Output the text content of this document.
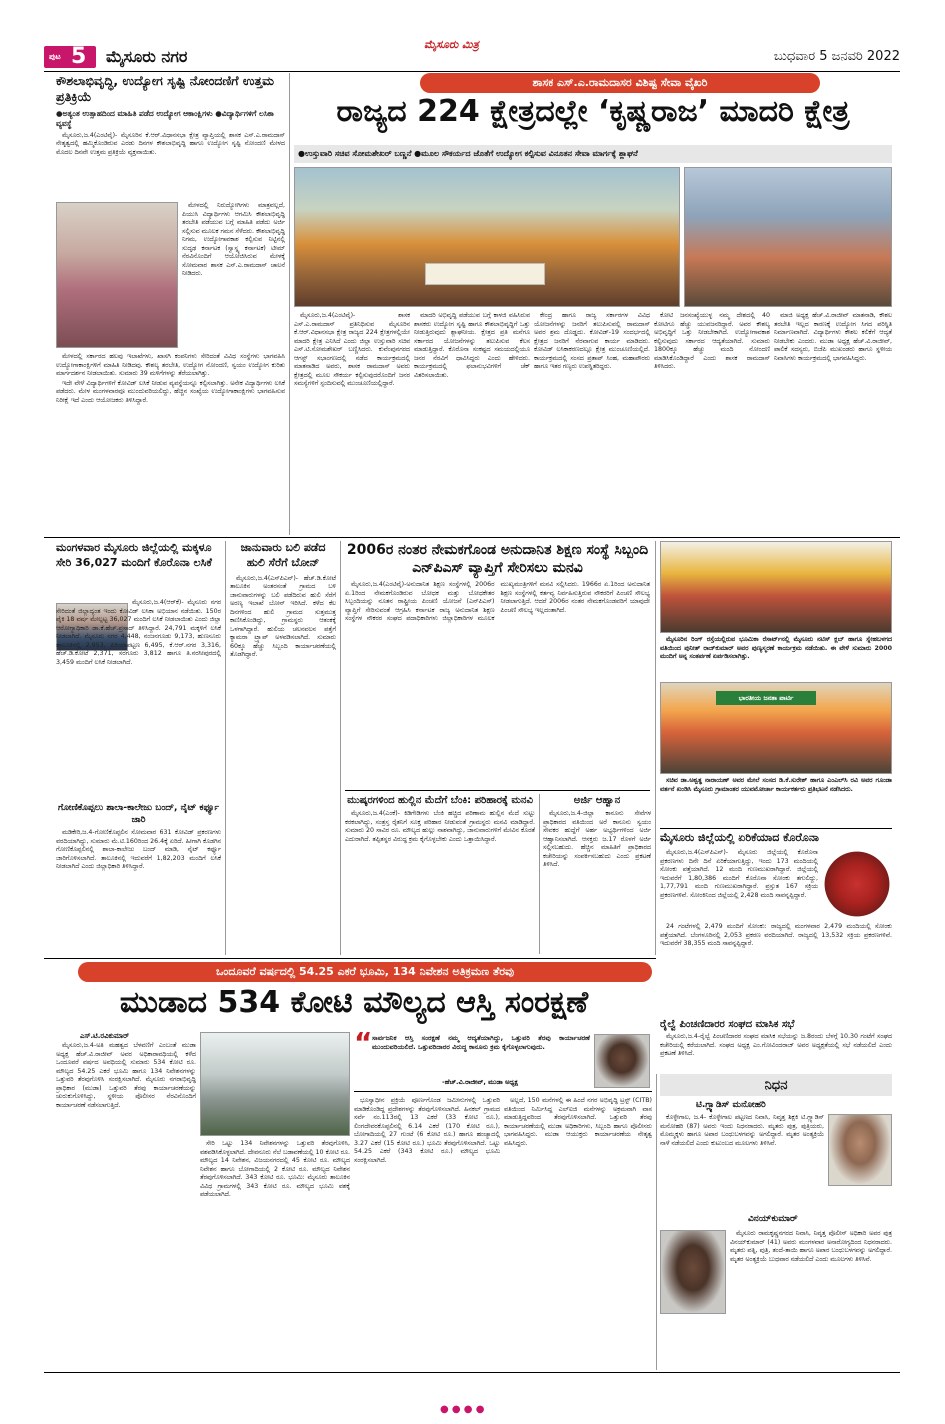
ಪುಟ 5 ಮೈಸೂರು ನಗರ
ಮೈಸೂರು ಮಿತ್ರ
ಬುಧವಾರ 5 ಜನವರಿ 2022
ಕೌಶಲಾಭಿವೃದ್ಧಿ, ಉದ್ಯೋಗ ಸೃಷ್ಟಿ ನೋಂದಣಿಗೆ ಉತ್ತಮ ಪ್ರತಿಕ್ರಿಯೆ
●ಅತ್ಯಂತ ಉತ್ಸಾಹದಿಂದ ಮಾಹಿತಿ ಪಡೆದ ಉದ್ಯೋಗ ಆಕಾಂಕ್ಷಿಗಳು ●ವಿದ್ಯಾರ್ಥಿಗಳಿಗೆ ಲಸಿಕಾ ವ್ಯವಸ್ಥೆ

ಮೈಸೂರು,ಜ.4(ಎಂಟಿವೈ)- ಮೈಸೂರಿನ ಕೆ.ಆರ್.ವಿಧಾನಸಭಾ ಕ್ಷೇತ್ರ ವ್ಯಾಪ್ತಿಯಲ್ಲಿ ಶಾಸಕ ಎಸ್.ಎ.ರಾಮದಾಸ್ ನೇತೃತ್ವದಲ್ಲಿ ಹಮ್ಮಿಕೊಂಡಿರುವ ಎರಡು ದಿನಗಳ ಕೌಶಲಾಭಿವೃದ್ಧಿ ಹಾಗೂ ಉದ್ಯೋಗ ಸೃಷ್ಟಿ ನೋಂದಣಿ ಮೇಳದ ಮೊದಲ ದಿನವೇ ಉತ್ತಮ ಪ್ರತಿಕ್ರಿಯೆ ವ್ಯಕ್ತವಾಯಿತು.

ಮೇಳದಲ್ಲಿ ನಿರುದ್ಯೋಗಿಗಳು ಮಾತ್ರವಲ್ಲದೆ, ಪಿಯುಸಿ ವಿದ್ಯಾರ್ಥಿಗಳು ಆಗಮಿಸಿ ಕೌಶಲಾಭಿವೃದ್ಧಿ ತರಬೇತಿ ಪಡೆಯುವ ಬಗ್ಗೆ ಮಾಹಿತಿ ಪಡೆದು ಅರ್ಜಿ ಸಲ್ಲಿಸುವ ಮೂಲಕ ಗಮನ ಸೆಳೆದರು. ಕೌಶಲಾಭಿವೃದ್ಧಿ ನಿಗಮ, ಉದ್ಯೋಗಾವಕಾಶ ಕಲ್ಪಿಸುವ ನಿಟ್ಟಿನಲ್ಲಿ ಸುದೃಢ ಕರ್ನಾಟಕ (ಸ್ವಾಸ್ಥ್ಯ ಕರ್ನಾಟಕ) ಟೀಮ್ ನೆರವಿನೊಂದಿಗೆ ಆಯೋಜಿಸಿರುವ ಮೇಳಕ್ಕೆ ಸೋಮವಾರ ಶಾಸಕ ಎಸ್.ಎ.ರಾಮದಾಸ್ ಚಾಲನೆ ನೀಡಿದರು.

ಮೇಳದಲ್ಲಿ ಸರ್ಕಾರದ ಹಲವು ಇಲಾಖೆಗಳು, ಖಾಸಗಿ ಕಂಪನಿಗಳು ಸೇರಿದಂತೆ ವಿವಿಧ ಸಂಸ್ಥೆಗಳು ಭಾಗವಹಿಸಿ ಉದ್ಯೋಗಾಕಾಂಕ್ಷಿಗಳಿಗೆ ಮಾಹಿತಿ ನೀಡಿದವು. ಕೌಶಲ್ಯ ತರಬೇತಿ, ಉದ್ಯೋಗ ನೋಂದಣಿ, ಸ್ವಯಂ ಉದ್ಯೋಗ ಕುರಿತು ಮಾರ್ಗದರ್ಶನ ನೀಡಲಾಯಿತು. ಸುಮಾರು 39 ಮಳಿಗೆಗಳನ್ನು ತೆರೆಯಲಾಗಿತ್ತು.

ಇದೇ ವೇಳೆ ವಿದ್ಯಾರ್ಥಿಗಳಿಗೆ ಕೋವಿಡ್ ಲಸಿಕೆ ನೀಡುವ ವ್ಯವಸ್ಥೆಯನ್ನೂ ಕಲ್ಪಿಸಲಾಗಿತ್ತು. ಅನೇಕ ವಿದ್ಯಾರ್ಥಿಗಳು ಲಸಿಕೆ ಪಡೆದರು. ಮೇಳ ಮಂಗಳವಾರವೂ ಮುಂದುವರಿಯಲಿದ್ದು, ಹೆಚ್ಚಿನ ಸಂಖ್ಯೆಯ ಉದ್ಯೋಗಾಕಾಂಕ್ಷಿಗಳು ಭಾಗವಹಿಸುವ ನಿರೀಕ್ಷೆ ಇದೆ ಎಂದು ಆಯೋಜಕರು ತಿಳಿಸಿದ್ದಾರೆ.

ಶಾಸಕ ಎಸ್.ಎ.ರಾಮದಾಸರ ವಿಶಿಷ್ಟ ಸೇವಾ ವೈಖರಿ
ರಾಜ್ಯದ 224 ಕ್ಷೇತ್ರದಲ್ಲೇ ‘ಕೃಷ್ಣರಾಜ’ ಮಾದರಿ ಕ್ಷೇತ್ರ
●ಉಸ್ತುವಾರಿ ಸಚಿವ ಸೋಮಶೇಖರ್ ಬಣ್ಣನೆ ●ಮೂಲ ಸೌಕರ್ಯದ ಜೊತೆಗೆ ಉದ್ಯೋಗ ಕಲ್ಪಿಸುವ ವಿನೂತನ ಸೇವಾ ಮಾರ್ಗಕ್ಕೆ ಶ್ಲಾಘನೆ

ಮೈಸೂರು,ಜ.4(ಎಂಟಿವೈ)- ಶಾಸಕ ಎಸ್.ಎ.ರಾಮದಾಸ್ ಪ್ರತಿನಿಧಿಸುವ ಮೈಸೂರಿನ ಕೆ.ಆರ್.ವಿಧಾನಸಭಾ ಕ್ಷೇತ್ರ ರಾಜ್ಯದ 224 ಕ್ಷೇತ್ರಗಳಲ್ಲಿಯೇ ಮಾದರಿ ಕ್ಷೇತ್ರ ಎನಿಸಿದೆ ಎಂದು ಜಿಲ್ಲಾ ಉಸ್ತುವಾರಿ ಸಚಿವ ಎಸ್.ಟಿ.ಸೋಮಶೇಖರ್ ಬಣ್ಣಿಸಿದರು. ಕುವೆಂಪುನಗರದ ಆಗಸ್ಟ್ ಸಭಾಂಗಣದಲ್ಲಿ ನಡೆದ ಕಾರ್ಯಕ್ರಮದಲ್ಲಿ ಮಾತನಾಡಿದ ಅವರು, ಶಾಸಕ ರಾಮದಾಸ್ ಅವರು ಕ್ಷೇತ್ರದಲ್ಲಿ ಮೂಲ ಸೌಕರ್ಯ ಕಲ್ಪಿಸುವುದರೊಂದಿಗೆ ಜನರ ಸಮಸ್ಯೆಗಳಿಗೆ ಸ್ಪಂದಿಸುವಲ್ಲಿ ಮುಂಚೂಣಿಯಲ್ಲಿದ್ದಾರೆ.

ಮಾದರಿ ಅಭಿವೃದ್ಧಿ ಪಡೆಯುವ ಬಗ್ಗೆ ಕಾಳಜಿ ವಹಿಸಿರುವ ಶಾಸಕರು ಉದ್ಯೋಗ ಸೃಷ್ಟಿ ಹಾಗೂ ಕೌಶಲಾಭಿವೃದ್ಧಿಗೆ ಒತ್ತು ನೀಡುತ್ತಿರುವುದು ಶ್ಲಾಘನೀಯ. ಕ್ಷೇತ್ರದ ಪ್ರತಿ ಮನೆಗೂ ಸರ್ಕಾರದ ಯೋಜನೆಗಳನ್ನು ತಲುಪಿಸುವ ಕೆಲಸ ಮಾಡುತ್ತಿದ್ದಾರೆ. ಕೊರೊನಾ ಸಂಕಷ್ಟದ ಸಮಯದಲ್ಲಿಯೂ ಜನರ ನೆರವಿಗೆ ಧಾವಿಸಿದ್ದರು ಎಂದು ಹೇಳಿದರು. ಕಾರ್ಯಕ್ರಮದಲ್ಲಿ ಫಲಾನುಭವಿಗಳಿಗೆ ಚೆಕ್ ವಿತರಿಸಲಾಯಿತು.

ಕೇಂದ್ರ ಹಾಗೂ ರಾಜ್ಯ ಸರ್ಕಾರಗಳ ವಿವಿಧ ಯೋಜನೆಗಳನ್ನು ಜನರಿಗೆ ತಲುಪಿಸುವಲ್ಲಿ ರಾಮದಾಸ್ ಅವರ ಶ್ರಮ ದೊಡ್ಡದು. ಕೋವಿಡ್-19 ಸಂದರ್ಭದಲ್ಲಿ ಕ್ಷೇತ್ರದ ಜನರಿಗೆ ನೆರವಾಗುವ ಕಾರ್ಯ ಮಾಡಿದರು. ಕೋವಿಡ್ ಲಸಿಕಾಕರಣದಲ್ಲೂ ಕ್ಷೇತ್ರ ಮುಂಚೂಣಿಯಲ್ಲಿದೆ. ಕಾರ್ಯಕ್ರಮದಲ್ಲಿ ಸಂಸದ ಪ್ರತಾಪ್ ಸಿಂಹ, ಮಹಾಪೌರರು ಹಾಗೂ ಇತರ ಗಣ್ಯರು ಉಪಸ್ಥಿತರಿದ್ದರು.

ಕೋಟಿ ಜನಸಂಖ್ಯೆಯುಳ್ಳ ನಮ್ಮ ದೇಶದಲ್ಲಿ 40 ಕೋಟಿಗೂ ಹೆಚ್ಚು ಯುವಜನರಿದ್ದಾರೆ. ಅವರ ಕೌಶಲ್ಯ ಅಭಿವೃದ್ಧಿಗೆ ಒತ್ತು ನೀಡಬೇಕಾಗಿದೆ. ಉದ್ಯೋಗಾವಕಾಶ ಕಲ್ಪಿಸುವುದು ಸರ್ಕಾರದ ಆದ್ಯತೆಯಾಗಿದೆ. ಸುಮಾರು 1800ಕ್ಕೂ ಹೆಚ್ಚು ಮಂದಿ ನೋಂದಣಿ ಮಾಡಿಸಿಕೊಂಡಿದ್ದಾರೆ ಎಂದು ಶಾಸಕ ರಾಮದಾಸ್ ತಿಳಿಸಿದರು.

ಮಾಜಿ ಅಧ್ಯಕ್ಷ ಹೆಚ್.ವಿ.ರಾಜೀವ್ ಮಾತನಾಡಿ, ಕೌಶಲ ತರಬೇತಿ ಇಲ್ಲದ ಕಾರಣಕ್ಕೆ ಉದ್ಯೋಗ ಸಿಗದ ಪರಿಸ್ಥಿತಿ ನಿರ್ಮಾಣವಾಗಿದೆ. ವಿದ್ಯಾರ್ಥಿಗಳು ಕೌಶಲ ಕಲಿಕೆಗೆ ಆದ್ಯತೆ ನೀಡಬೇಕು ಎಂದರು. ಮುಡಾ ಅಧ್ಯಕ್ಷ ಹೆಚ್.ವಿ.ರಾಜೀವ್, ಪಾಲಿಕೆ ಸದಸ್ಯರು, ಬಿಜೆಪಿ ಮುಖಂಡರು ಹಾಗೂ ಸ್ಥಳೀಯ ನಿವಾಸಿಗಳು ಕಾರ್ಯಕ್ರಮದಲ್ಲಿ ಭಾಗವಹಿಸಿದ್ದರು.

ಮಂಗಳವಾರ ಮೈಸೂರು ಜಿಲ್ಲೆಯಲ್ಲಿ ಮಕ್ಕಳೂ ಸೇರಿ 36,027 ಮಂದಿಗೆ ಕೊರೊನಾ ಲಸಿಕೆ

ಮೈಸೂರು,ಜ.4(ಆರ್‌ಕೆ)- ಮೈಸೂರು ನಗರ ಸೇರಿದಂತೆ ಜಿಲ್ಲಾದ್ಯಂತ ಇಂದು ಕೋವಿಡ್ ಲಸಿಕಾ ಅಭಿಯಾನ ನಡೆಯಿತು. 150ರ ಪೈಕಿ 18 ವರ್ಷ ಮೇಲ್ಪಟ್ಟ 36,027 ಮಂದಿಗೆ ಲಸಿಕೆ ನೀಡಲಾಯಿತು ಎಂದು ಜಿಲ್ಲಾ ಆರೋಗ್ಯಾಧಿಕಾರಿ ಡಾ.ಕೆ.ಹೆಚ್.ಪ್ರಸಾದ್ ತಿಳಿಸಿದ್ದಾರೆ. 24,791 ಮಕ್ಕಳಿಗೆ ಲಸಿಕೆ ನೀಡಲಾಗಿದೆ. ಮೈಸೂರು ನಗರ 4,448, ನಂಜನಗೂಡು 9,173, ಹುಣಸೂರು ತಾಲೂಕಿನಲ್ಲಿ 2,953, ಪಿರಿಯಾಪಟ್ಟಣ 6,495, ಕೆ.ಆರ್.ನಗರ 3,316, ಹೆಚ್.ಡಿ.ಕೋಟೆ 2,371, ಸರಗೂರು 3,812 ಹಾಗೂ ತಿ.ನರಸೀಪುರದಲ್ಲಿ 3,459 ಮಂದಿಗೆ ಲಸಿಕೆ ನೀಡಲಾಗಿದೆ.

ಗೋಣಿಕೊಪ್ಪಲು ಶಾಲಾ-ಕಾಲೇಜು ಬಂದ್, ನೈಟ್ ಕರ್ಫ್ಯೂ ಜಾರಿ

ಮಡಿಕೇರಿ,ಜ.4-ಗೋಣಿಕೊಪ್ಪಲಿನ ಸೋಮವಾರ 631 ಕೋವಿಡ್ ಪ್ರಕರಣಗಳು ವರದಿಯಾಗಿದ್ದು, ಸುಮಾರು ಮೆ.ಟಿ.160ರಿಂದ 26.4ಕ್ಕೆ ಏರಿದೆ. ಹೀಗಾಗಿ ಕೊಡಗಿನ ಗೋಣಿಕೊಪ್ಪಲಿನಲ್ಲಿ ಶಾಲಾ-ಕಾಲೇಜು ಬಂದ್ ಮಾಡಿ, ನೈಟ್ ಕರ್ಫ್ಯೂ ಜಾರಿಗೊಳಿಸಲಾಗಿದೆ. ತಾಲೂಕಿನಲ್ಲಿ ಇದುವರೆಗೆ 1,82,203 ಮಂದಿಗೆ ಲಸಿಕೆ ನೀಡಲಾಗಿದೆ ಎಂದು ಜಿಲ್ಲಾಧಿಕಾರಿ ತಿಳಿಸಿದ್ದಾರೆ.

ಜಾನುವಾರು ಬಲಿ ಪಡೆದ ಹುಲಿ ಸೆರೆಗೆ ಬೋನ್

ಮೈಸೂರು,ಜ.4(ಎಸ್‌ಪಿಎನ್)- ಹೆಚ್.ಡಿ.ಕೋಟೆ ತಾಲೂಕಿನ ಅಂತರಸಂತೆ ಗ್ರಾಮದ ಬಳಿ ಜಾನುವಾರುಗಳನ್ನು ಬಲಿ ಪಡೆದಿರುವ ಹುಲಿ ಸೆರೆಗೆ ಅರಣ್ಯ ಇಲಾಖೆ ಬೋನ್ ಇರಿಸಿದೆ. ಕಳೆದ ಕೆಲ ದಿನಗಳಿಂದ ಹುಲಿ ಗ್ರಾಮದ ಸುತ್ತಮುತ್ತ ಕಾಣಿಸಿಕೊಂಡಿದ್ದು, ಗ್ರಾಮಸ್ಥರು ಆತಂಕಕ್ಕೆ ಒಳಗಾಗಿದ್ದಾರೆ. ಹುಲಿಯ ಚಲನವಲನ ಪತ್ತೆಗೆ ಕ್ಯಾಮರಾ ಟ್ರ್ಯಾಪ್ ಅಳವಡಿಸಲಾಗಿದೆ. ಸುಮಾರು 60ಕ್ಕೂ ಹೆಚ್ಚು ಸಿಬ್ಬಂದಿ ಕಾರ್ಯಾಚರಣೆಯಲ್ಲಿ ತೊಡಗಿದ್ದಾರೆ.

2006ರ ನಂತರ ನೇಮಕಗೊಂಡ ಅನುದಾನಿತ ಶಿಕ್ಷಣ ಸಂಸ್ಥೆ ಸಿಬ್ಬಂದಿ ಎನ್‌ಪಿಎಸ್ ವ್ಯಾಪ್ತಿಗೆ ಸೇರಿಸಲು ಮನವಿ

ಮೈಸೂರು,ಜ.4(ಎಂಟಿವೈ)-ಅನುದಾನಿತ ಶಿಕ್ಷಣ ಸಂಸ್ಥೆಗಳಲ್ಲಿ 2006ರ ಏ.1ರಿಂದ ನೇಮಕಗೊಂಡಿರುವ ಬೋಧಕ ಮತ್ತು ಬೋಧಕೇತರ ಸಿಬ್ಬಂದಿಯನ್ನು ನೂತನ ರಾಷ್ಟ್ರೀಯ ಪಿಂಚಣಿ ಯೋಜನೆ (ಎನ್‌ಪಿಎಸ್) ವ್ಯಾಪ್ತಿಗೆ ಸೇರಿಸುವಂತೆ ಆಗ್ರಹಿಸಿ ಕರ್ನಾಟಕ ರಾಜ್ಯ ಅನುದಾನಿತ ಶಿಕ್ಷಣ ಸಂಸ್ಥೆಗಳ ನೌಕರರ ಸಂಘದ ಪದಾಧಿಕಾರಿಗಳು ಜಿಲ್ಲಾಧಿಕಾರಿಗಳ ಮೂಲಕ ಮುಖ್ಯಮಂತ್ರಿಗಳಿಗೆ ಮನವಿ ಸಲ್ಲಿಸಿದರು. 1966ರ ಏ.1ರಿಂದ ಅನುದಾನಿತ ಶಿಕ್ಷಣ ಸಂಸ್ಥೆಗಳಲ್ಲಿ ಕರ್ತವ್ಯ ನಿರ್ವಹಿಸುತ್ತಿರುವ ನೌಕರರಿಗೆ ಪಿಂಚಣಿ ಸೌಲಭ್ಯ ನೀಡಲಾಗುತ್ತಿದೆ. ಆದರೆ 2006ರ ನಂತರ ನೇಮಕಗೊಂಡವರಿಗೆ ಯಾವುದೇ ಪಿಂಚಣಿ ಸೌಲಭ್ಯ ಇಲ್ಲದಂತಾಗಿದೆ.

ಮುಷ್ಕರಗಳಿಂದ ಹುಲ್ಲಿನ ಮೆದೆಗೆ ಬೆಂಕಿ: ಪರಿಹಾರಕ್ಕೆ ಮನವಿ

ಮೈಸೂರು,ಜ.4(ಎಂಕೆ)- ಕಿಡಿಗೇಡಿಗಳು ಬೆಂಕಿ ಹಚ್ಚಿದ ಪರಿಣಾಮ ಹುಲ್ಲಿನ ಮೆದೆ ಸುಟ್ಟು ಕರಕಲಾಗಿದ್ದು, ಸಂತ್ರಸ್ತ ರೈತನಿಗೆ ಸೂಕ್ತ ಪರಿಹಾರ ನೀಡುವಂತೆ ಗ್ರಾಮಸ್ಥರು ಮನವಿ ಮಾಡಿದ್ದಾರೆ. ಸುಮಾರು 20 ಸಾವಿರ ರೂ. ಮೌಲ್ಯದ ಹುಲ್ಲು ನಾಶವಾಗಿದ್ದು, ಜಾನುವಾರುಗಳಿಗೆ ಮೇವಿನ ಕೊರತೆ ಎದುರಾಗಿದೆ. ತಪ್ಪಿತಸ್ಥರ ವಿರುದ್ಧ ಕ್ರಮ ಕೈಗೊಳ್ಳಬೇಕು ಎಂದು ಒತ್ತಾಯಿಸಿದ್ದಾರೆ.

ಅರ್ಜಿ ಆಹ್ವಾನ

ಮೈಸೂರು,ಜ.4-ಜಿಲ್ಲಾ ಕಾನೂನು ಸೇವೆಗಳ ಪ್ರಾಧಿಕಾರದ ವತಿಯಿಂದ ಅರೆ ಕಾನೂನು ಸ್ವಯಂ ಸೇವಕರ ಹುದ್ದೆಗೆ ಅರ್ಹ ಅಭ್ಯರ್ಥಿಗಳಿಂದ ಅರ್ಜಿ ಆಹ್ವಾನಿಸಲಾಗಿದೆ. ಆಸಕ್ತರು ಜ.17 ರೊಳಗೆ ಅರ್ಜಿ ಸಲ್ಲಿಸಬಹುದು. ಹೆಚ್ಚಿನ ಮಾಹಿತಿಗೆ ಪ್ರಾಧಿಕಾರದ ಕಚೇರಿಯನ್ನು ಸಂಪರ್ಕಿಸಬಹುದು ಎಂದು ಪ್ರಕಟಣೆ ತಿಳಿಸಿದೆ.

ಮೈಸೂರಿನ ರಿಂಗ್ ರಸ್ತೆಯಲ್ಲಿರುವ ಭೂಮಿಕಾ ರೆಸಾರ್ಟ್‌ನಲ್ಲಿ ಮೈಸೂರು ನಟಿಸ್ ಕ್ಲಬ್ ಹಾಗೂ ಸ್ನೇಹಬಳಗದ ವತಿಯಿಂದ ಪುನೀತ್ ರಾಜ್‌ಕುಮಾರ್ ಅವರ ಪುಣ್ಯಸ್ಮರಣೆ ಕಾರ್ಯಕ್ರಮ ನಡೆಯಿತು. ಈ ವೇಳೆ ಸುಮಾರು 2000 ಮಂದಿಗೆ ಅನ್ನ ಸಂತರ್ಪಣೆ ಏರ್ಪಡಿಸಲಾಗಿತ್ತು.

ಭಾರತೀಯ ಜನತಾ ಪಾರ್ಟಿ

ಸಚಿವ ಡಾ.ಅಶ್ವತ್ಥ ನಾರಾಯಣ್ ಅವರ ಮೇಲೆ ಸಂಸದ ಡಿ.ಕೆ.ಸುರೇಶ್ ಹಾಗೂ ಎಂಎಲ್‌ಸಿ ರವಿ ಅವರ ಗೂಂಡಾ ವರ್ತನೆ ಖಂಡಿಸಿ ಮೈಸೂರು ಗ್ರಾಮಾಂತರ ಯುವಮೋರ್ಚಾ ಕಾರ್ಯಕರ್ತರು ಪ್ರತಿಭಟನೆ ನಡೆಸಿದರು.

ಮೈಸೂರು ಜಿಲ್ಲೆಯಲ್ಲಿ ಏರಿಕೆಯಾದ ಕೊರೊನಾ

ಮೈಸೂರು,ಜ.4(ಎಸ್‌ಪಿಎನ್)- ಮೈಸೂರು ಜಿಲ್ಲೆಯಲ್ಲಿ ಕೊರೊನಾ ಪ್ರಕರಣಗಳು ದಿನೇ ದಿನೆ ಏರಿಕೆಯಾಗುತ್ತಿದ್ದು, ಇಂದು 173 ಮಂದಿಯಲ್ಲಿ ಸೋಂಕು ಪತ್ತೆಯಾಗಿದೆ. 12 ಮಂದಿ ಗುಣಮುಖರಾಗಿದ್ದಾರೆ. ಜಿಲ್ಲೆಯಲ್ಲಿ ಇದುವರೆಗೆ 1,80,386 ಮಂದಿಗೆ ಕೊರೊನಾ ಸೋಂಕು ತಗುಲಿದ್ದು, 1,77,791 ಮಂದಿ ಗುಣಮುಖರಾಗಿದ್ದಾರೆ. ಪ್ರಸ್ತುತ 167 ಸಕ್ರಿಯ ಪ್ರಕರಣಗಳಿವೆ. ಸೋಂಕಿನಿಂದ ಜಿಲ್ಲೆಯಲ್ಲಿ 2,428 ಮಂದಿ ಸಾವನ್ನಪ್ಪಿದ್ದಾರೆ.

24 ಗಂಟೆಗಳಲ್ಲಿ 2,479 ಮಂದಿಗೆ ಸೋಂಕು: ರಾಜ್ಯದಲ್ಲಿ ಮಂಗಳವಾರ 2,479 ಮಂದಿಯಲ್ಲಿ ಸೋಂಕು ಪತ್ತೆಯಾಗಿದೆ. ಬೆಂಗಳೂರಿನಲ್ಲಿ 2,053 ಪ್ರಕರಣ ವರದಿಯಾಗಿದೆ. ರಾಜ್ಯದಲ್ಲಿ 13,532 ಸಕ್ರಿಯ ಪ್ರಕರಣಗಳಿವೆ. ಇದುವರೆಗೆ 38,355 ಮಂದಿ ಸಾವನ್ನಪ್ಪಿದ್ದಾರೆ.

ರೈಲ್ವೆ ಪಿಂಚಣಿದಾರರ ಸಂಘದ ಮಾಸಿಕ ಸಭೆ

ಮೈಸೂರು,ಜ.4-ರೈಲ್ವೆ ಪಿಂಚಣಿದಾರರ ಸಂಘದ ಮಾಸಿಕ ಸಭೆಯನ್ನು ಜ.8ರಂದು ಬೆಳಗ್ಗೆ 10.30 ಗಂಟೆಗೆ ಸಂಘದ ಕಚೇರಿಯಲ್ಲಿ ಕರೆಯಲಾಗಿದೆ. ಸಂಘದ ಅಧ್ಯಕ್ಷ ಎಂ.ಗೋವಿಂದರಾಜ್ ಅವರ ಅಧ್ಯಕ್ಷತೆಯಲ್ಲಿ ಸಭೆ ನಡೆಯಲಿದೆ ಎಂದು ಪ್ರಕಟಣೆ ತಿಳಿಸಿದೆ.

ಒಂದೂವರೆ ವರ್ಷದಲ್ಲಿ 54.25 ಎಕರೆ ಭೂಮಿ, 134 ನಿವೇಶನ ಅತಿಕ್ರಮಣ ತೆರವು
ಮುಡಾದ 534 ಕೋಟಿ ಮೌಲ್ಯದ ಆಸ್ತಿ ಸಂರಕ್ಷಣೆ
ಎಸ್.ಟಿ.ರವಿಕುಮಾರ್

ಮೈಸೂರು,ಜ.4-ಅತಿ ಮಹತ್ವದ ಬೆಳವಣಿಗೆ ಎಂಬಂತೆ ಮುಡಾ ಅಧ್ಯಕ್ಷ ಹೆಚ್.ವಿ.ರಾಜೀವ್ ಅವರ ಅಧಿಕಾರಾವಧಿಯಲ್ಲಿ ಕಳೆದ ಒಂದೂವರೆ ವರ್ಷದ ಅವಧಿಯಲ್ಲಿ ಸುಮಾರು 534 ಕೋಟಿ ರೂ. ಮೌಲ್ಯದ 54.25 ಎಕರೆ ಭೂಮಿ ಹಾಗೂ 134 ನಿವೇಶನಗಳನ್ನು ಒತ್ತುವರಿ ತೆರವುಗೊಳಿಸಿ ಸಂರಕ್ಷಿಸಲಾಗಿದೆ. ಮೈಸೂರು ನಗರಾಭಿವೃದ್ಧಿ ಪ್ರಾಧಿಕಾರ (ಮುಡಾ) ಒತ್ತುವರಿ ತೆರವು ಕಾರ್ಯಾಚರಣೆಯನ್ನು ಚುರುಕುಗೊಳಿಸಿದ್ದು, ಸ್ಥಳೀಯ ಪೊಲೀಸರ ನೆರವಿನೊಂದಿಗೆ ಕಾರ್ಯಾಚರಣೆ ನಡೆಸಲಾಗುತ್ತಿದೆ.

ಸೇರಿ ಒಟ್ಟು 134 ನಿವೇಶನಗಳನ್ನು ಒತ್ತುವರಿ ತೆರವುಗೊಳಿಸಿ, ವಶಪಡಿಸಿಕೊಳ್ಳಲಾಗಿದೆ. ದೇವನೂರು ನೆಲೆ ಬಡಾವಣೆಯಲ್ಲಿ 10 ಕೋಟಿ ರೂ. ಮೌಲ್ಯದ 14 ನಿವೇಶನ, ವಿಜಯನಗರದಲ್ಲಿ 45 ಕೋಟಿ ರೂ. ಮೌಲ್ಯದ ನಿವೇಶನ ಹಾಗೂ ಬೋಗಾದಿಯಲ್ಲಿ 2 ಕೋಟಿ ರೂ. ಮೌಲ್ಯದ ನಿವೇಶನ ತೆರವುಗೊಳಿಸಲಾಗಿದೆ. 343 ಕೋಟಿ ರೂ. ಭೂಮಿ: ಮೈಸೂರು ತಾಲೂಕಿನ ವಿವಿಧ ಗ್ರಾಮಗಳಲ್ಲಿ 343 ಕೋಟಿ ರೂ. ಮೌಲ್ಯದ ಭೂಮಿ ವಶಕ್ಕೆ ಪಡೆಯಲಾಗಿದೆ.

“ ಸಾರ್ವಜನಿಕ ಆಸ್ತಿ ಸಂರಕ್ಷಣೆ ನಮ್ಮ ಆದ್ಯತೆಯಾಗಿದ್ದು, ಒತ್ತುವರಿ ತೆರವು ಕಾರ್ಯಾಚರಣೆ ಮುಂದುವರಿಯಲಿದೆ. ಒತ್ತುವರಿದಾರರ ವಿರುದ್ಧ ಕಾನೂನು ಕ್ರಮ ಕೈಗೊಳ್ಳಲಾಗುವುದು.

-ಹೆಚ್.ವಿ.ರಾಜೀವ್, ಮುಡಾ ಅಧ್ಯಕ್ಷ

ಭೂಸ್ವಾಧೀನ ಪ್ರಕ್ರಿಯೆ ಪೂರ್ಣಗೊಂಡ ಜಮೀನುಗಳಲ್ಲಿ ಒತ್ತುವರಿ ಮಾಡಿಕೊಂಡಿದ್ದ ಪ್ರದೇಶಗಳನ್ನು ತೆರವುಗೊಳಿಸಲಾಗಿದೆ. ಹಿನಕಲ್ ಗ್ರಾಮದ ಸರ್ವೆ ನಂ.113ರಲ್ಲಿ 13 ಎಕರೆ (33 ಕೋಟಿ ರೂ.), ಲಿಂಗದೇವರಕೊಪ್ಪಲಿನಲ್ಲಿ 6.14 ಎಕರೆ (170 ಕೋಟಿ ರೂ.), ಬೋಗಾದಿಯಲ್ಲಿ 27 ಗುಂಟೆ (6 ಕೋಟಿ ರೂ.) ಹಾಗೂ ಹಂಚ್ಯಾದಲ್ಲಿ 3.27 ಎಕರೆ (15 ಕೋಟಿ ರೂ.) ಭೂಮಿ ತೆರವುಗೊಳಿಸಲಾಗಿದೆ. ಒಟ್ಟು 54.25 ಎಕರೆ (343 ಕೋಟಿ ರೂ.) ಮೌಲ್ಯದ ಭೂಮಿ ಸಂರಕ್ಷಿಸಲಾಗಿದೆ.

ಅಲ್ಲದೆ, 150 ಮನೆಗಳಲ್ಲಿ ಈ ಹಿಂದೆ ನಗರ ಅಭಿವೃದ್ಧಿ ಟ್ರಸ್ಟ್ (CITB) ವತಿಯಿಂದ ನಿರ್ಮಿಸಿದ್ದ ಎಲ್‌ಐಜಿ ಮನೆಗಳನ್ನು ಅಕ್ರಮವಾಗಿ ವಾಸ ಮಾಡುತ್ತಿದ್ದವರಿಂದ ತೆರವುಗೊಳಿಸಲಾಗಿದೆ. ಒತ್ತುವರಿ ತೆರವು ಕಾರ್ಯಾಚರಣೆಯಲ್ಲಿ ಮುಡಾ ಅಧಿಕಾರಿಗಳು, ಸಿಬ್ಬಂದಿ ಹಾಗೂ ಪೊಲೀಸರು ಭಾಗವಹಿಸಿದ್ದರು. ಮುಡಾ ಆಯುಕ್ತರು ಕಾರ್ಯಾಚರಣೆಯ ನೇತೃತ್ವ ವಹಿಸಿದ್ದರು.

ನಿಧನ
ಟಿ.ಗ್ಲ್ಯಾಡಿಸ್ ಮನೋಹರಿ

ಕೊಳ್ಳೇಗಾಲ, ಜ.4- ಕೊಳ್ಳೇಗಾಲ ಪಟ್ಟಣದ ನಿವಾಸಿ, ನಿವೃತ್ತ ಶಿಕ್ಷಕಿ ಟಿ.ಗ್ಲ್ಯಾಡಿಸ್ ಮನೋಹರಿ (87) ಅವರು ಇಂದು ನಿಧನರಾದರು. ಮೃತರು ಪುತ್ರ, ಪುತ್ರಿಯರು, ಮೊಮ್ಮಕ್ಕಳು ಹಾಗೂ ಅಪಾರ ಬಂಧುಬಳಗವನ್ನು ಅಗಲಿದ್ದಾರೆ. ಮೃತರ ಅಂತ್ಯಕ್ರಿಯೆ ನಾಳೆ ನಡೆಯಲಿದೆ ಎಂದು ಕುಟುಂಬದ ಮೂಲಗಳು ತಿಳಿಸಿವೆ.

ವಿನಯ್‌ಕುಮಾರ್

ಮೈಸೂರು ರಾಮಕೃಷ್ಣನಗರದ ನಿವಾಸಿ, ನಿವೃತ್ತ ಪೊಲೀಸ್ ಅಧಿಕಾರಿ ಅವರ ಪುತ್ರ ವಿನಯ್‌ಕುಮಾರ್ (41) ಅವರು ಮಂಗಳವಾರ ಅನಾರೋಗ್ಯದಿಂದ ನಿಧನರಾದರು. ಮೃತರು ಪತ್ನಿ, ಪುತ್ರಿ, ತಂದೆ-ತಾಯಿ ಹಾಗೂ ಅಪಾರ ಬಂಧುಬಳಗವನ್ನು ಅಗಲಿದ್ದಾರೆ. ಮೃತರ ಅಂತ್ಯಕ್ರಿಯೆ ಬುಧವಾರ ನಡೆಯಲಿದೆ ಎಂದು ಮೂಲಗಳು ತಿಳಿಸಿವೆ.

● ● ● ●
